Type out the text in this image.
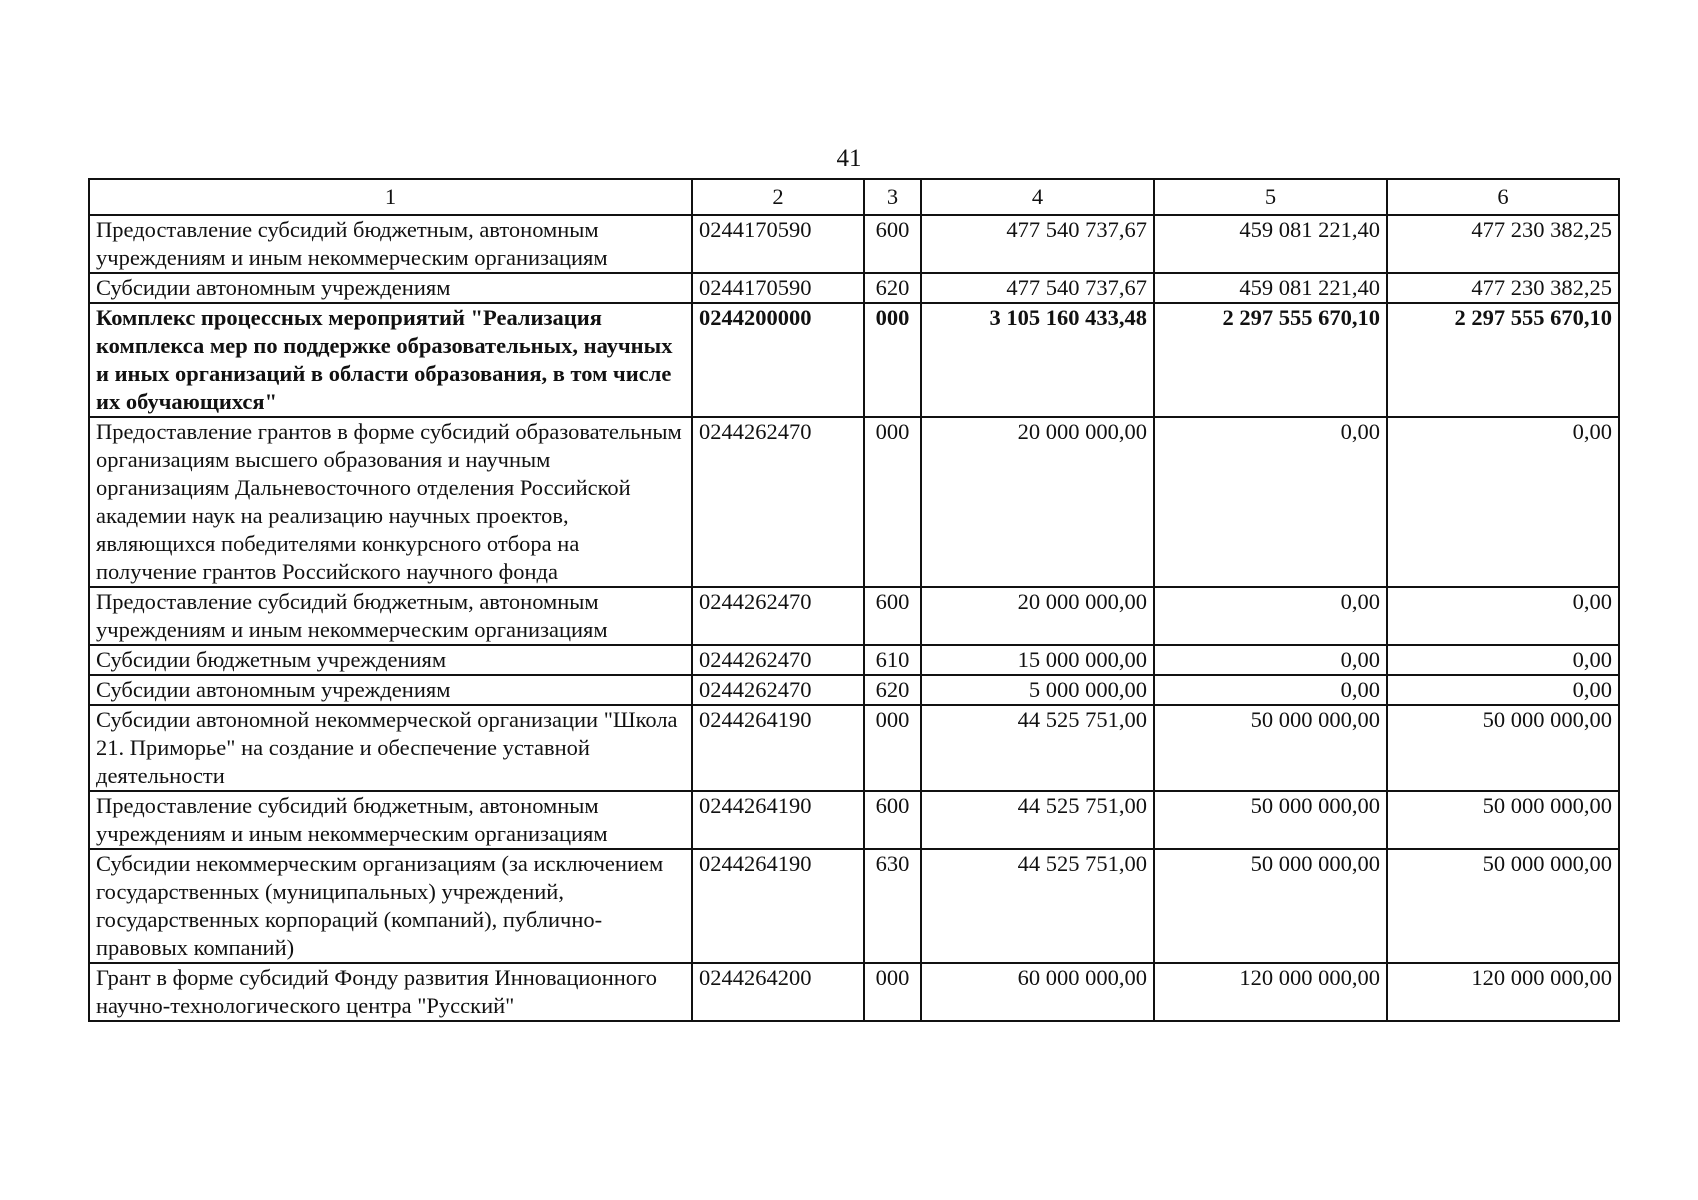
41
1	2	3	4	5	6
Предоставление субсидий бюджетным, автономным учреждениям и иным некоммерческим организациям	0244170590	600	477 540 737,67	459 081 221,40	477 230 382,25
Субсидии автономным учреждениям	0244170590	620	477 540 737,67	459 081 221,40	477 230 382,25
Комплекс процессных мероприятий "Реализация комплекса мер по поддержке образовательных, научных и иных организаций в области образования, в том числе их обучающихся"	0244200000	000	3 105 160 433,48	2 297 555 670,10	2 297 555 670,10
Предоставление грантов в форме субсидий образовательным организациям высшего образования и научным организациям Дальневосточного отделения Российской академии наук на реализацию научных проектов, являющихся победителями конкурсного отбора на получение грантов Российского научного фонда	0244262470	000	20 000 000,00	0,00	0,00
Предоставление субсидий бюджетным, автономным учреждениям и иным некоммерческим организациям	0244262470	600	20 000 000,00	0,00	0,00
Субсидии бюджетным учреждениям	0244262470	610	15 000 000,00	0,00	0,00
Субсидии автономным учреждениям	0244262470	620	5 000 000,00	0,00	0,00
Субсидии автономной некоммерческой организации "Школа 21. Приморье" на создание и обеспечение уставной деятельности	0244264190	000	44 525 751,00	50 000 000,00	50 000 000,00
Предоставление субсидий бюджетным, автономным учреждениям и иным некоммерческим организациям	0244264190	600	44 525 751,00	50 000 000,00	50 000 000,00
Субсидии некоммерческим организациям (за исключением государственных (муниципальных) учреждений, государственных корпораций (компаний), публично-правовых компаний)	0244264190	630	44 525 751,00	50 000 000,00	50 000 000,00
Грант в форме субсидий Фонду развития Инновационного научно-технологического центра "Русский"	0244264200	000	60 000 000,00	120 000 000,00	120 000 000,00
